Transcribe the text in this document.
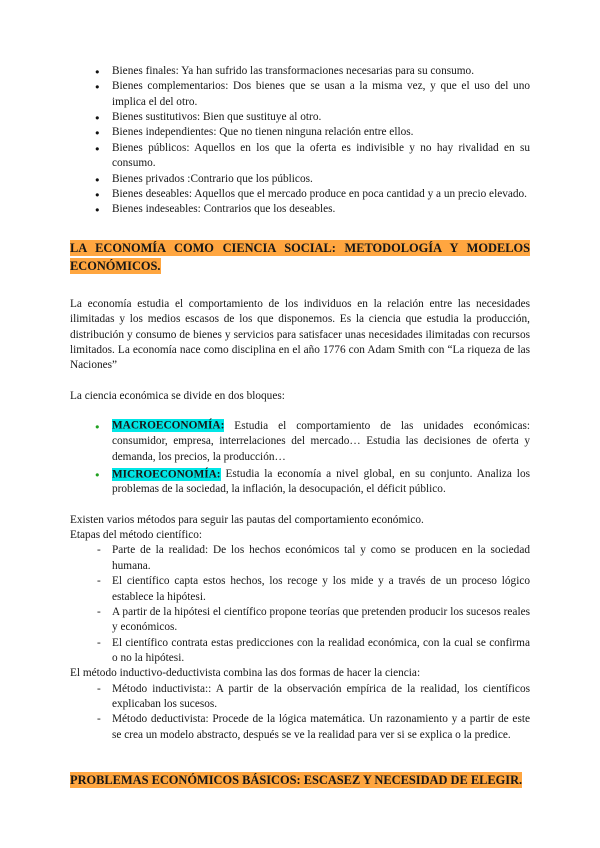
● Bienes finales: Ya han sufrido las transformaciones necesarias para su consumo.
● Bienes complementarios: Dos bienes que se usan a la misma vez, y que el uso del uno implica el del otro.
● Bienes sustitutivos: Bien que sustituye al otro.
● Bienes independientes: Que no tienen ninguna relación entre ellos.
● Bienes públicos: Aquellos en los que la oferta es indivisible y no hay rivalidad en su consumo.
● Bienes privados :Contrario que los públicos.
● Bienes deseables: Aquellos que el mercado produce en poca cantidad y a un precio elevado.
● Bienes indeseables: Contrarios que los deseables.
LA ECONOMÍA COMO CIENCIA SOCIAL: METODOLOGÍA Y MODELOS ECONÓMICOS.

La economía estudia el comportamiento de los individuos en la relación entre las necesidades ilimitadas y los medios escasos de los que disponemos. Es la ciencia que estudia la producción, distribución y consumo de bienes y servicios para satisfacer unas necesidades ilimitadas con recursos limitados. La economía nace como disciplina en el año 1776 con Adam Smith con “La riqueza de las Naciones”

La ciencia económica se divide en dos bloques:

● MACROECONOMÍA: Estudia el comportamiento de las unidades económicas: consumidor, empresa, interrelaciones del mercado… Estudia las decisiones de oferta y demanda, los precios, la producción…
● MICROECONOMÍA: Estudia la economía a nivel global, en su conjunto. Analiza los problemas de la sociedad, la inflación, la desocupación, el déficit público.

Existen varios métodos para seguir las pautas del comportamiento económico.

Etapas del método científico:

- Parte de la realidad: De los hechos económicos tal y como se producen en la sociedad humana.
- El científico capta estos hechos, los recoge y los mide y a través de un proceso lógico establece la hipótesi.
- A partir de la hipótesi el científico propone teorías que pretenden producir los sucesos reales y económicos.
- El científico contrata estas predicciones con la realidad económica, con la cual se confirma o no la hipótesi.

El método inductivo-deductivista combina las dos formas de hacer la ciencia:

- Método inductivista:: A partir de la observación empírica de la realidad, los científicos explicaban los sucesos.
- Método deductivista: Procede de la lógica matemática. Un razonamiento y a partir de este se crea un modelo abstracto, después se ve la realidad para ver si se explica o la predice.
PROBLEMAS ECONÓMICOS BÁSICOS: ESCASEZ Y NECESIDAD DE ELEGIR.
